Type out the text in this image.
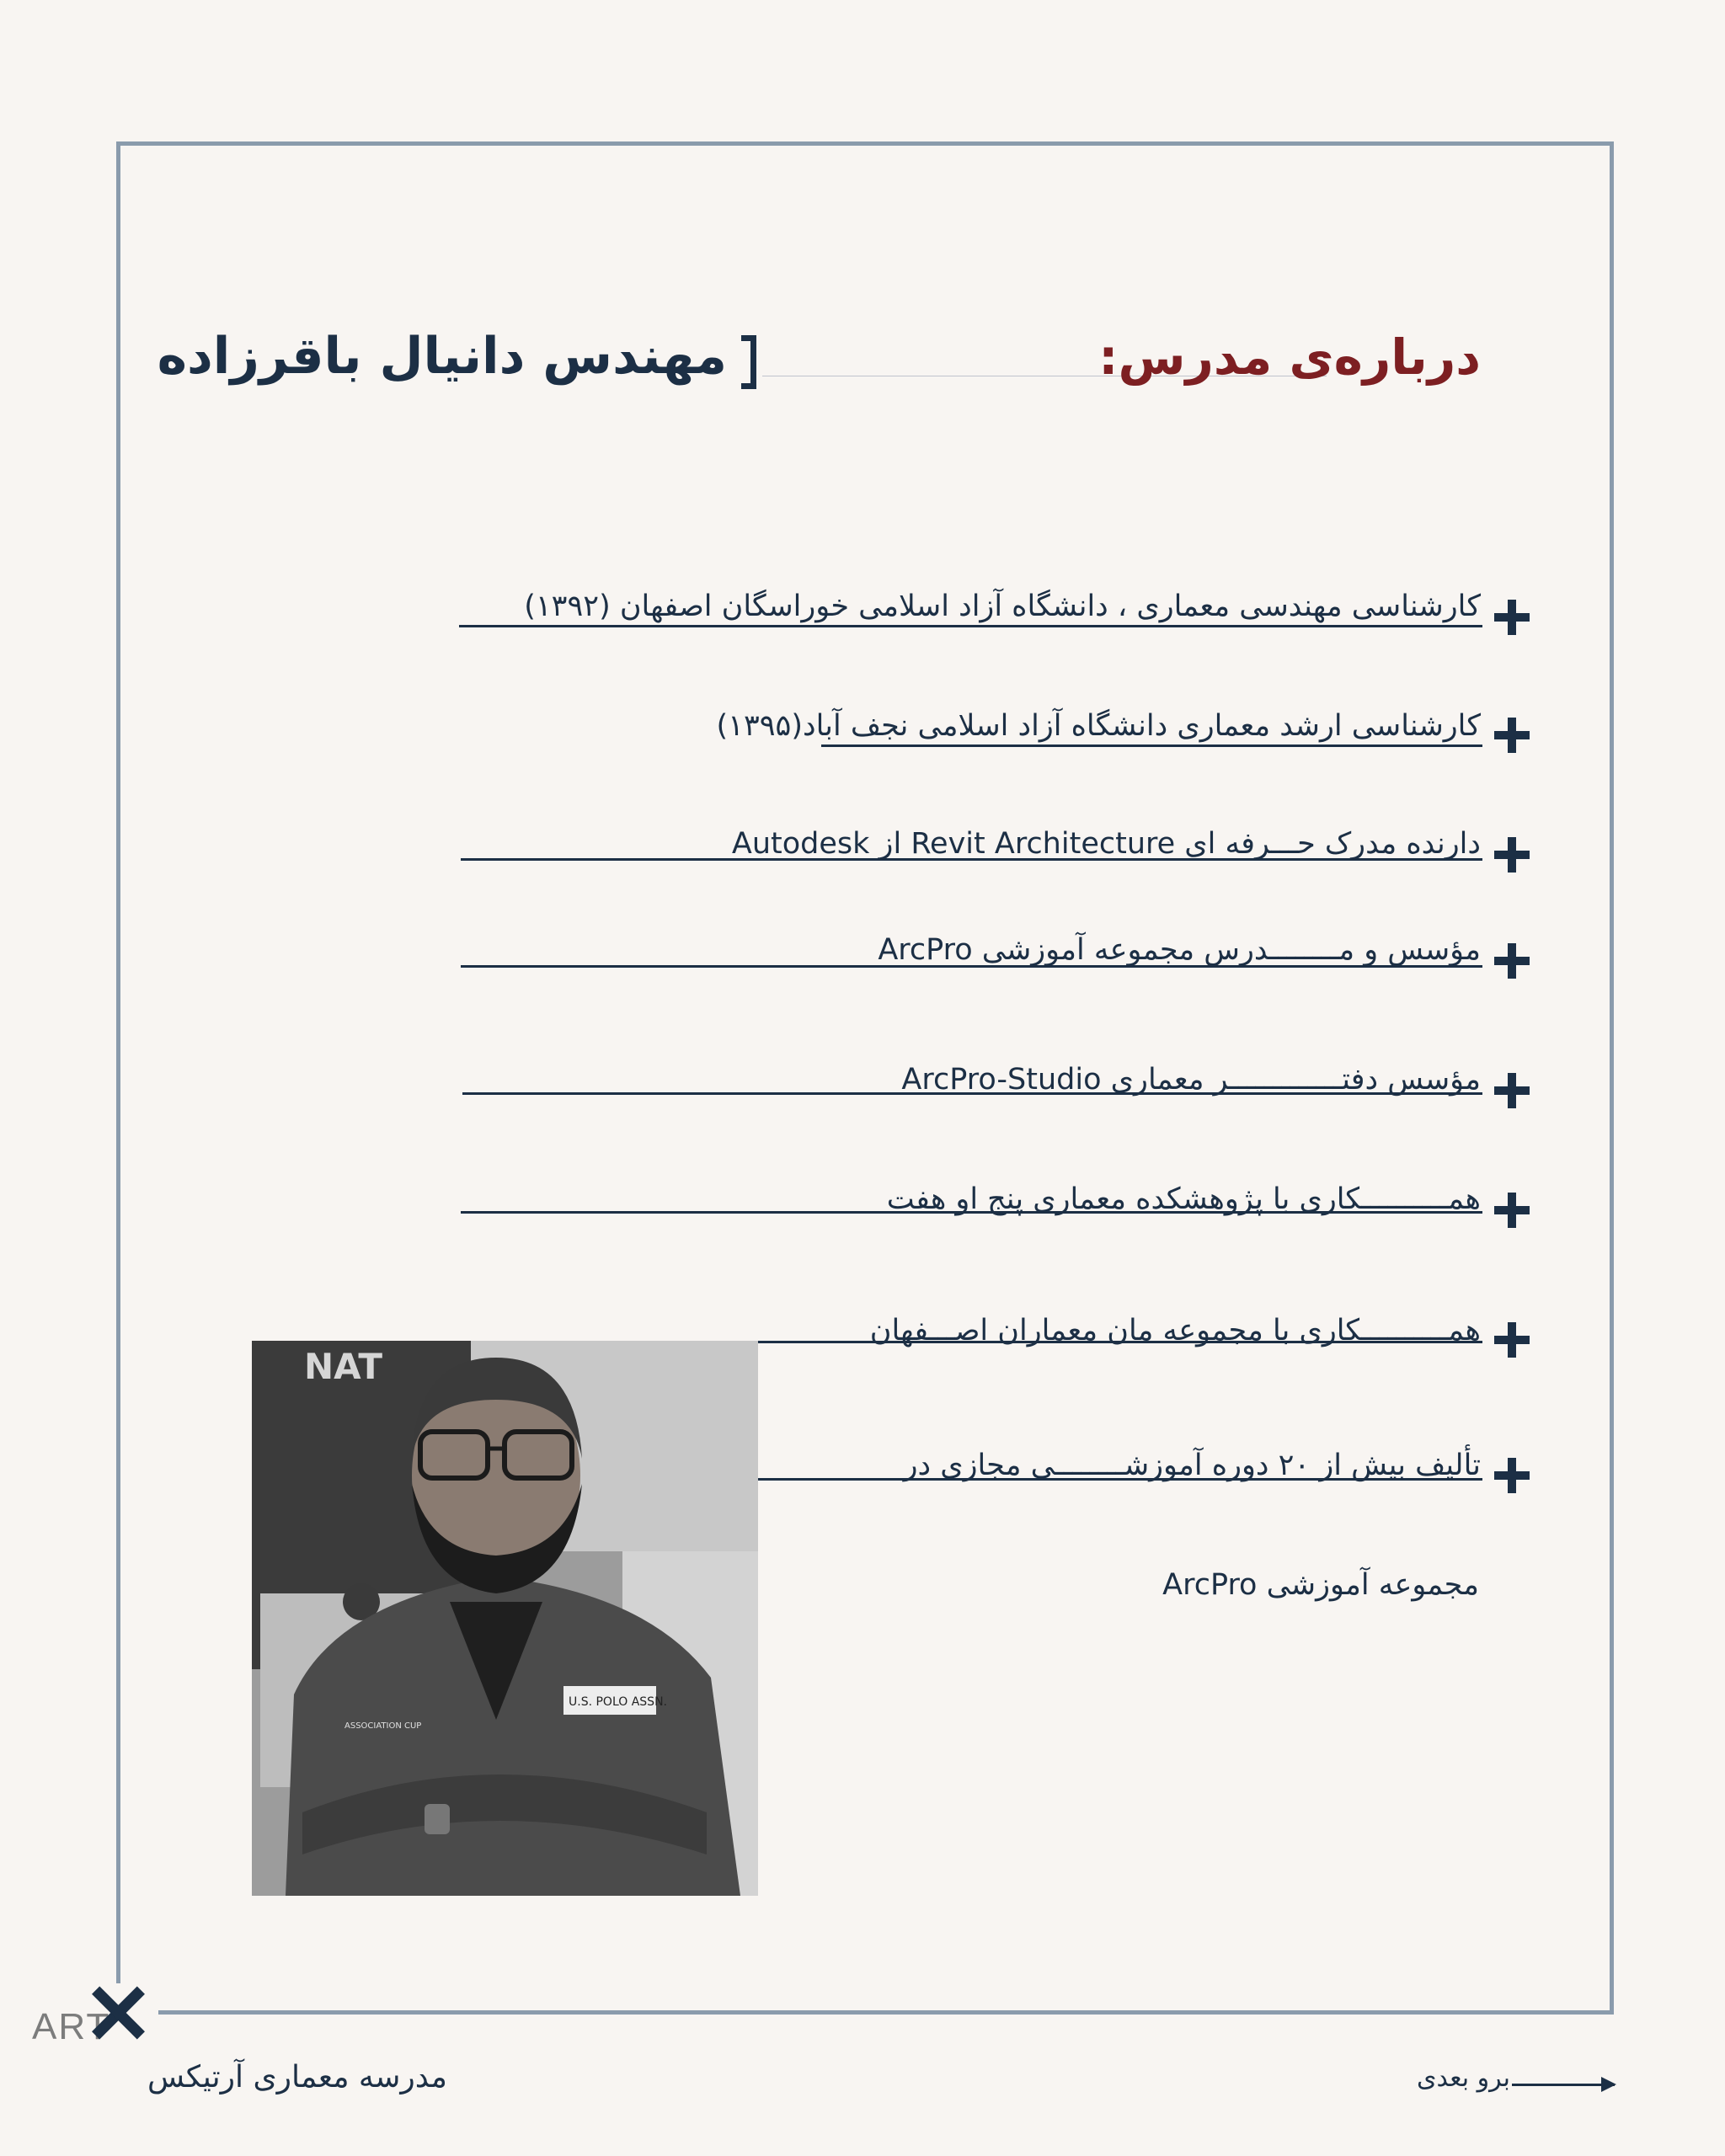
درباره‌ی مدرس:
مهندس دانیال باقرزاده
کارشناسی مهندسی معماری ، دانشگاه آزاد اسلامی خوراسگان اصفهان (۱۳۹۲)
کارشناسی ارشد معماری دانشگاه آزاد اسلامی نجف آباد(۱۳۹۵)
دارنده مدرک حـــرفه ای Revit Architecture از Autodesk
مؤسس و مــــــــدرس مجموعه آموزشی ArcPro
مؤسس دفتـــــــــــــر معماری ArcPro-Studio
همــــــــــکاری با پژوهشکده معماری پنج او هفت
همــــــــــکاری با مجموعه مان معماران اصـــفهان
تألیف بیش از ۲۰ دوره آموزشــــــــی مجازی در
مجموعه آموزشی ArcPro
NAT
U.S. POLO ASSN.
ASSOCIATION CUP
ART
مدرسه معماری آرتیکس	برو بعدی
